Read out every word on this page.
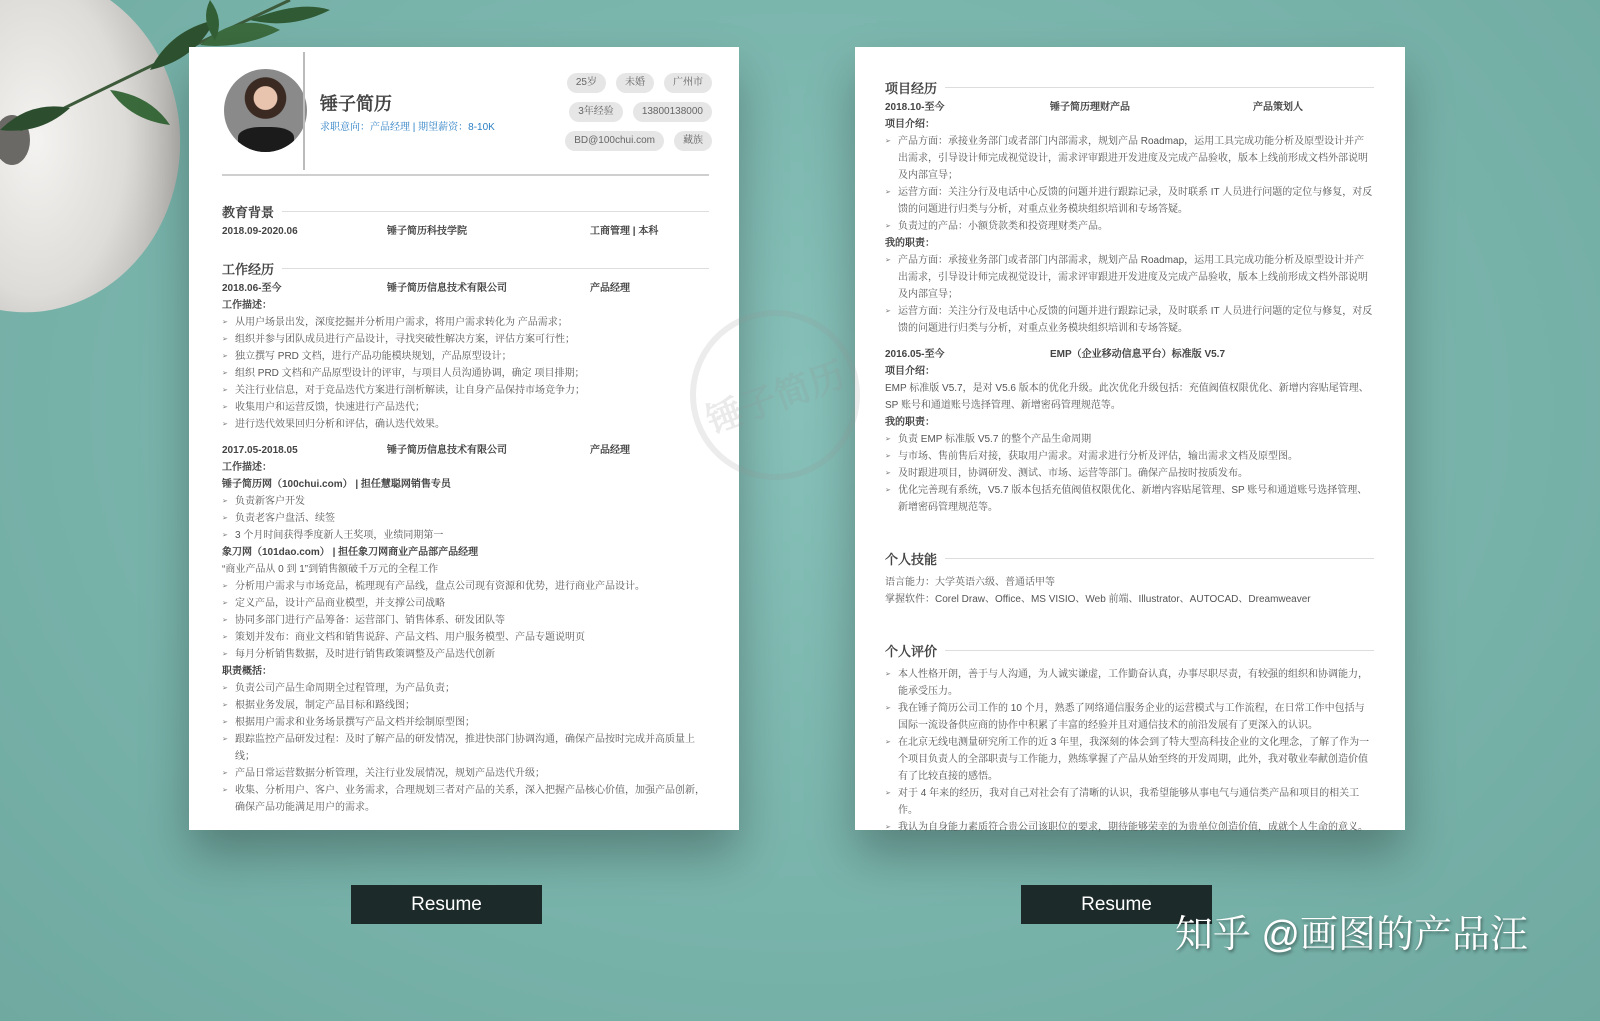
锤子简历
求职意向：产品经理 | 期望薪资：8-10K
25岁	未婚	广州市
3年经验	13800138000
BD@100chui.com	藏族
教育背景
2018.09-2020.06	锤子简历科技学院	工商管理 | 本科
工作经历
2018.06-至今	锤子简历信息技术有限公司	产品经理
工作描述：
➢ 从用户场景出发，深度挖掘并分析用户需求，将用户需求转化为 产品需求；
➢ 组织并参与团队成员进行产品设计，寻找突破性解决方案，评估方案可行性；
➢ 独立撰写 PRD 文档，进行产品功能模块规划，产品原型设计；
➢ 组织 PRD 文档和产品原型设计的评审，与项目人员沟通协调，确定 项目排期；
➢ 关注行业信息，对于竞品迭代方案进行剖析解读，让自身产品保持市场竞争力；
➢ 收集用户和运营反馈，快速进行产品迭代；
➢ 进行迭代效果回归分析和评估，确认迭代效果。
2017.05-2018.05	锤子简历信息技术有限公司	产品经理
工作描述：
锤子简历网（100chui.com） | 担任慧聪网销售专员
➢ 负责新客户开发
➢ 负责老客户盘活、续签
➢ 3 个月时间获得季度新人王奖项，业绩同期第一
象刀网（101dao.com） | 担任象刀网商业产品部产品经理
“商业产品从 0 到 1”到销售额破千万元的全程工作
➢ 分析用户需求与市场竞品，梳理现有产品线，盘点公司现有资源和优势，进行商业产品设计。
➢ 定义产品，设计产品商业模型，并支撑公司战略
➢ 协同多部门进行产品筹备：运营部门、销售体系、研发团队等
➢ 策划并发布：商业文档和销售说辞、产品文档、用户服务模型、产品专题说明页
➢ 每月分析销售数据，及时进行销售政策调整及产品迭代创新
职责概括：
➢ 负责公司产品生命周期全过程管理，为产品负责；
➢ 根据业务发展，制定产品目标和路线图；
➢ 根据用户需求和业务场景撰写产品文档并绘制原型图；
➢ 跟踪监控产品研发过程：及时了解产品的研发情况，推进快部门协调沟通，确保产品按时完成并高质量上线；
➢ 产品日常运营数据分析管理，关注行业发展情况，规划产品迭代升级；
➢ 收集、分析用户、客户、业务需求，合理规划三者对产品的关系，深入把握产品核心价值，加强产品创新，确保产品功能满足用户的需求。
项目经历
2018.10-至今	锤子简历理财产品	产品策划人
项目介绍：
➢ 产品方面：承接业务部门或者部门内部需求，规划产品 Roadmap，运用工具完成功能分析及原型设计并产出需求，引导设计师完成视觉设计，需求评审跟进开发进度及完成产品验收，版本上线前形成文档外部说明及内部宣导；
➢ 运营方面：关注分行及电话中心反馈的问题并进行跟踪记录，及时联系 IT 人员进行问题的定位与修复，对反馈的问题进行归类与分析，对重点业务模块组织培训和专场答疑。
➢ 负责过的产品：小额贷款类和投资理财类产品。
我的职责：
➢ 产品方面：承接业务部门或者部门内部需求，规划产品 Roadmap，运用工具完成功能分析及原型设计并产出需求，引导设计师完成视觉设计，需求评审跟进开发进度及完成产品验收，版本上线前形成文档外部说明及内部宣导；
➢ 运营方面：关注分行及电话中心反馈的问题并进行跟踪记录，及时联系 IT 人员进行问题的定位与修复，对反馈的问题进行归类与分析，对重点业务模块组织培训和专场答疑。
2016.05-至今	EMP（企业移动信息平台）标准版 V5.7
项目介绍：
EMP 标准版 V5.7，是对 V5.6 版本的优化升级。此次优化升级包括：充值阀值权限优化、新增内容贴尾管理、SP 账号和通道账号选择管理、新增密码管理规范等。
我的职责：
➢ 负责 EMP 标准版 V5.7 的整个产品生命周期
➢ 与市场、售前售后对接，获取用户需求。对需求进行分析及评估，输出需求文档及原型图。
➢ 及时跟进项目，协调研发、测试、市场、运营等部门。确保产品按时按质发布。
➢ 优化完善现有系统，V5.7 版本包括充值阀值权限优化、新增内容贴尾管理、SP 账号和通道账号选择管理、新增密码管理规范等。
个人技能
语言能力：大学英语六级、普通话甲等
掌握软件：Corel Draw、Office、MS VISIO、Web 前端、Illustrator、AUTOCAD、Dreamweaver
个人评价
➢ 本人性格开朗，善于与人沟通，为人诚实谦虚，工作勤奋认真，办事尽职尽责，有较强的组织和协调能力，能承受压力。
➢ 我在锤子简历公司工作的 10 个月，熟悉了网络通信服务企业的运营模式与工作流程，在日常工作中包括与国际一流设备供应商的协作中积累了丰富的经验并且对通信技术的前沿发展有了更深入的认识。
➢ 在北京无线电测量研究所工作的近 3 年里，我深刻的体会到了特大型高科技企业的文化理念，了解了作为一个项目负责人的全部职责与工作能力，熟练掌握了产品从始至终的开发周期，此外，我对敬业奉献创造价值有了比较直接的感悟。
➢ 对于 4 年来的经历，我对自己对社会有了清晰的认识，我希望能够从事电气与通信类产品和项目的相关工作。
➢ 我认为自身能力素质符合贵公司该职位的要求，期待能够荣幸的为贵单位创造价值，成就个人生命的意义。
锤子简历
Resume	Resume
知乎 @画图的产品汪
